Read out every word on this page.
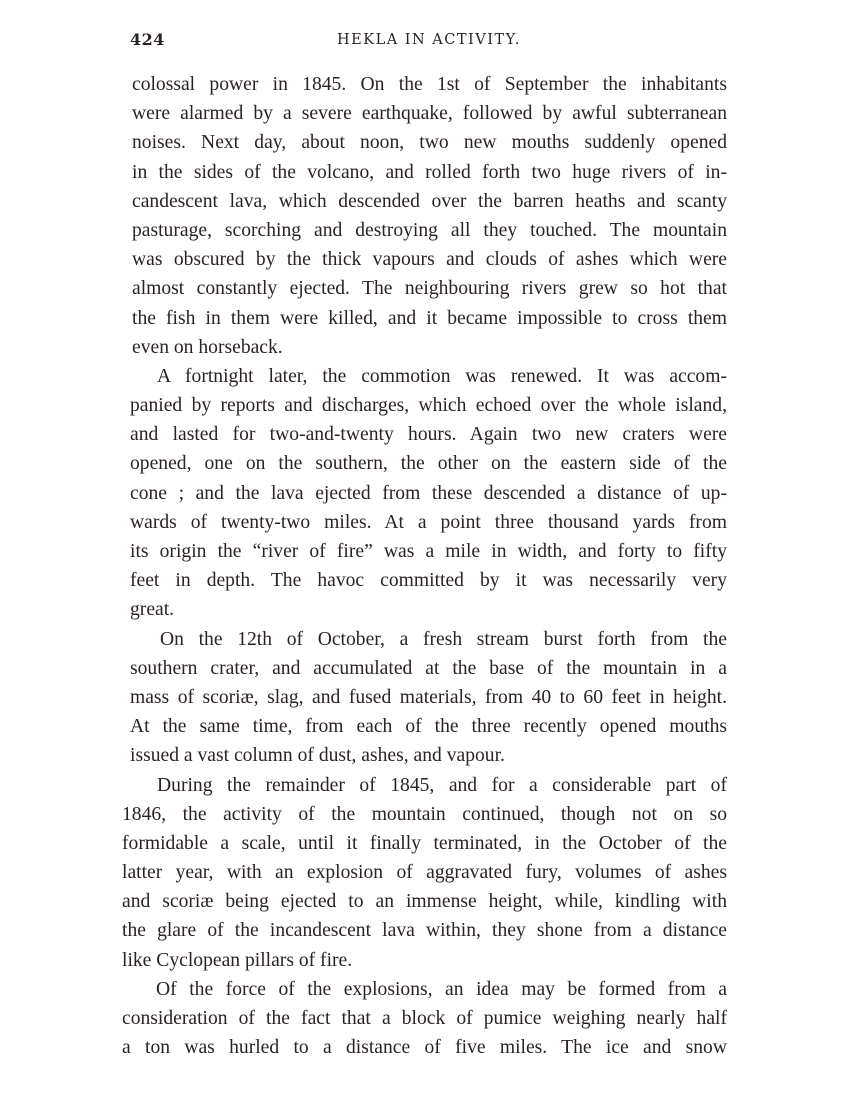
424	HEKLA IN ACTIVITY.
colossal power in 1845. On the 1st of September the inhabitants
were alarmed by a severe earthquake, followed by awful subterranean
noises. Next day, about noon, two new mouths suddenly opened
in the sides of the volcano, and rolled forth two huge rivers of in-
candescent lava, which descended over the barren heaths and scanty
pasturage, scorching and destroying all they touched. The mountain
was obscured by the thick vapours and clouds of ashes which were
almost constantly ejected. The neighbouring rivers grew so hot that
the fish in them were killed, and it became impossible to cross them
even on horseback.
A fortnight later, the commotion was renewed. It was accom-
panied by reports and discharges, which echoed over the whole island,
and lasted for two-and-twenty hours. Again two new craters were
opened, one on the southern, the other on the eastern side of the
cone ; and the lava ejected from these descended a distance of up-
wards of twenty-two miles. At a point three thousand yards from
its origin the “river of fire” was a mile in width, and forty to fifty
feet in depth. The havoc committed by it was necessarily very
great.
On the 12th of October, a fresh stream burst forth from the
southern crater, and accumulated at the base of the mountain in a
mass of scoriæ, slag, and fused materials, from 40 to 60 feet in height.
At the same time, from each of the three recently opened mouths
issued a vast column of dust, ashes, and vapour.
During the remainder of 1845, and for a considerable part of
1846, the activity of the mountain continued, though not on so
formidable a scale, until it finally terminated, in the October of the
latter year, with an explosion of aggravated fury, volumes of ashes
and scoriæ being ejected to an immense height, while, kindling with
the glare of the incandescent lava within, they shone from a distance
like Cyclopean pillars of fire.
Of the force of the explosions, an idea may be formed from a
consideration of the fact that a block of pumice weighing nearly half
a ton was hurled to a distance of five miles. The ice and snow
